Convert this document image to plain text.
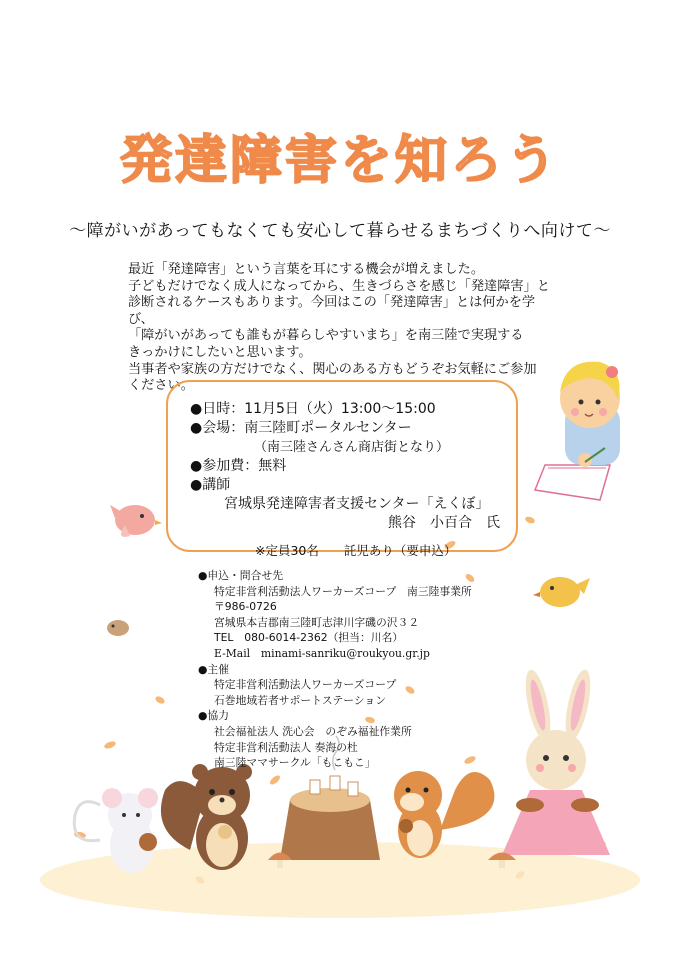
発達障害を知ろう
～障がいがあってもなくても安心して暮らせるまちづくりへ向けて～

最近「発達障害」という言葉を耳にする機会が増えました。

子どもだけでなく成人になってから、生きづらさを感じ「発達障害」と

診断されるケースもあります。今回はこの「発達障害」とは何かを学び、

「障がいがあっても誰もが暮らしやすいまち」を南三陸で実現する

きっかけにしたいと思います。

当事者や家族の方だけでなく、関心のある方もどうぞお気軽にご参加

ください。

●日時：11月5日（火）13:00～15:00
●会場：南三陸町ポータルセンター
（南三陸さんさん商店街となり）
●参加費：無料
●講師
宮城県発達障害者支援センター「えくぼ」
熊谷　小百合　氏
※定員30名　　託児あり（要申込）
●申込・問合せ先
特定非営利活動法人ワーカーズコープ　南三陸事業所
〒986-0726
宮城県本吉郡南三陸町志津川字磯の沢３２
TEL　080-6014-2362（担当：川名）
E-Mail　minami-sanriku@roukyou.gr.jp
●主催
特定非営利活動法人ワーカーズコープ
石巻地域若者サポートステーション
●協力
社会福祉法人 洗心会　のぞみ福祉作業所
特定非営利活動法人 奏海の杜
南三陸ママサークル「もこもこ」
